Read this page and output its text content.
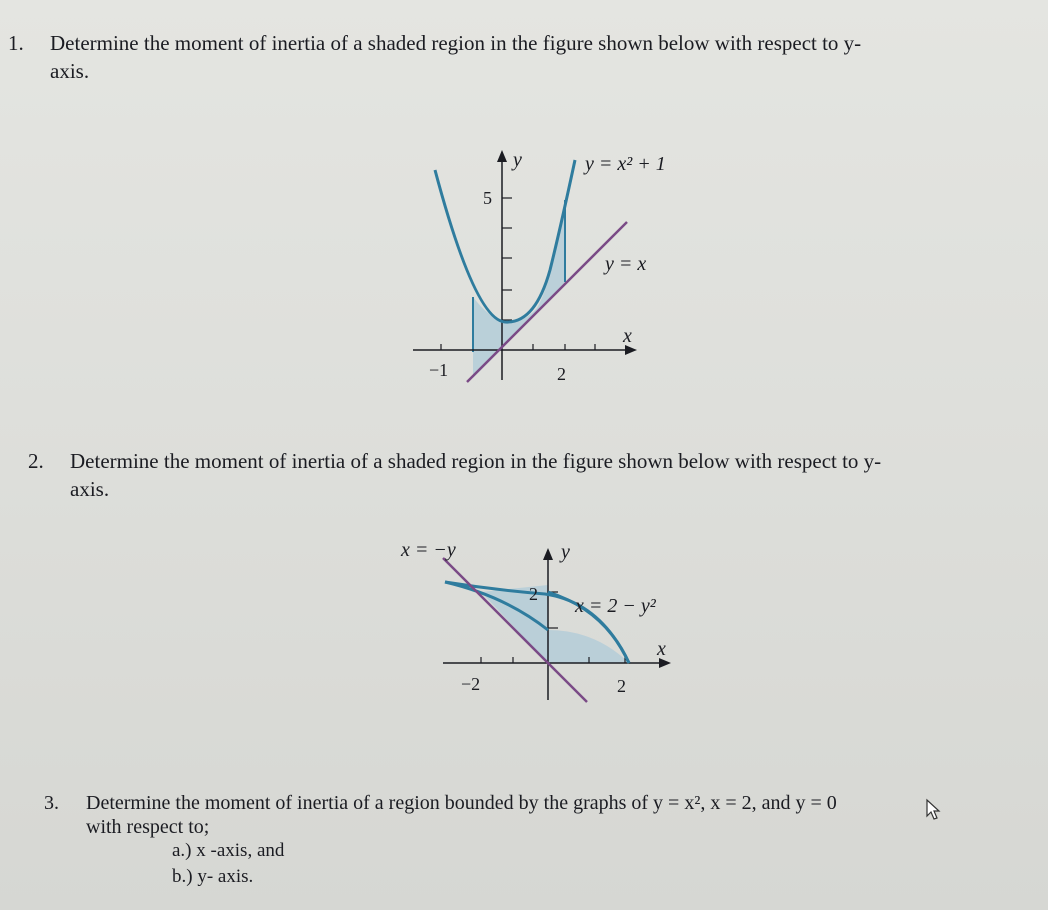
1. Determine the moment of inertia of a shaded region in the figure shown below with respect to y-
axis.
y
x
y = x² + 1
y = x
5
−1	2
2. Determine the moment of inertia of a shaded region in the figure shown below with respect to y-
axis.
x = −y	y
x = 2 − y²
x
2
−2	2
3. Determine the moment of inertia of a region bounded by the graphs of y = x², x = 2, and y = 0
with respect to;
a.) x -axis, and
b.) y- axis.
